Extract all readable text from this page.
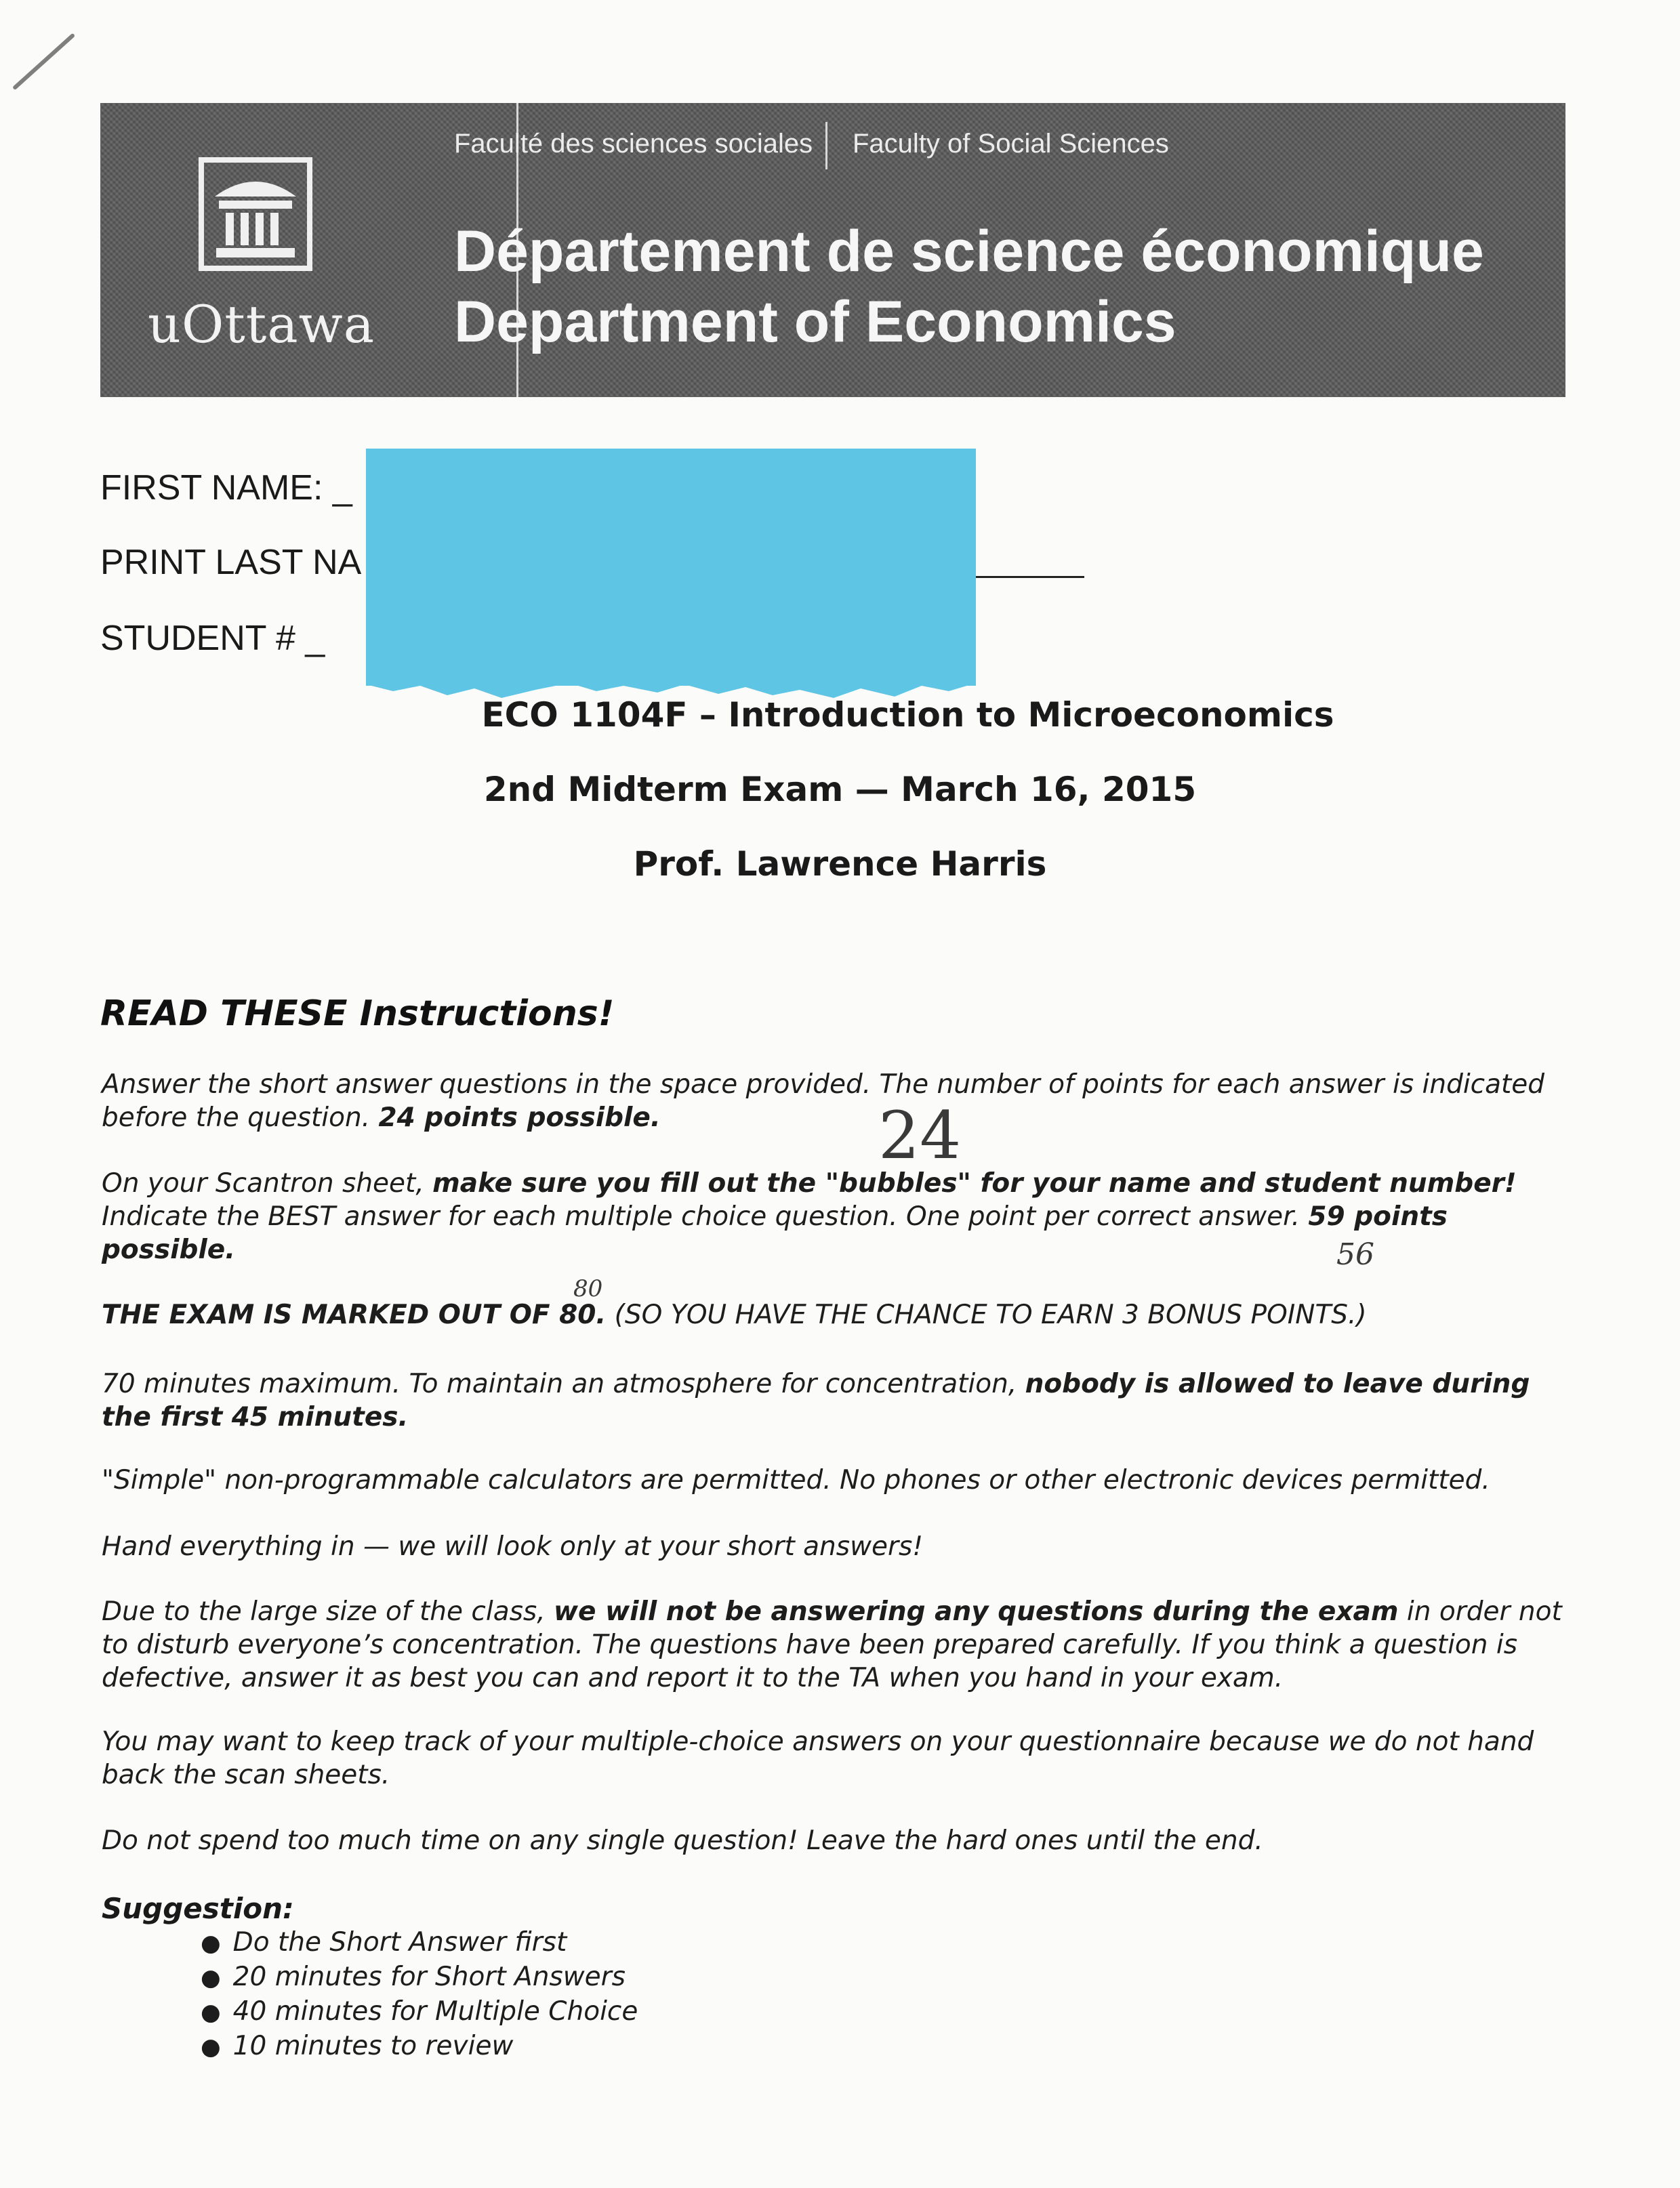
uOttawa
Faculté des sciences sociales Faculty of Social Sciences
Département de science économique
Department of Economics
FIRST NAME: _
PRINT LAST NA
STUDENT # _
ECO 1104F – Introduction to Microeconomics
2nd Midterm Exam — March 16, 2015
Prof. Lawrence Harris
READ THESE Instructions!
Answer the short answer questions in the space provided. The number of points for each answer is indicated before the question. 24 points possible.
On your Scantron sheet, make sure you fill out the "bubbles" for your name and student number! Indicate the BEST answer for each multiple choice question. One point per correct answer. 59 points possible.
THE EXAM IS MARKED OUT OF 80. (SO YOU HAVE THE CHANCE TO EARN 3 BONUS POINTS.)
70 minutes maximum. To maintain an atmosphere for concentration, nobody is allowed to leave during the first 45 minutes.
"Simple" non-programmable calculators are permitted. No phones or other electronic devices permitted.
Hand everything in — we will look only at your short answers!
Due to the large size of the class, we will not be answering any questions during the exam in order not to disturb everyone’s concentration. The questions have been prepared carefully. If you think a question is defective, answer it as best you can and report it to the TA when you hand in your exam.
You may want to keep track of your multiple-choice answers on your questionnaire because we do not hand back the scan sheets.
Do not spend too much time on any single question! Leave the hard ones until the end.
Suggestion:
● Do the Short Answer first
● 20 minutes for Short Answers
● 40 minutes for Multiple Choice
● 10 minutes to review
24
56
80
